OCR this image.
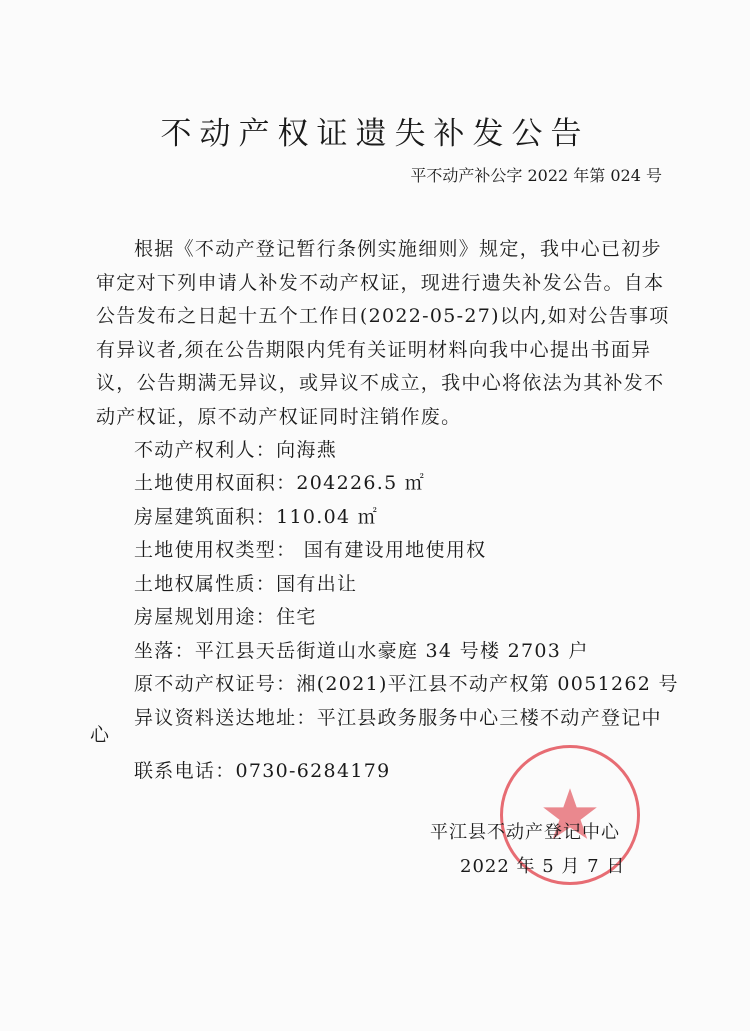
不动产权证遗失补发公告
平不动产补公字 2022 年第 024 号
根据《不动产登记暂行条例实施细则》规定，我中心已初步
审定对下列申请人补发不动产权证，现进行遗失补发公告。自本
公告发布之日起十五个工作日(2022-05-27)以内,如对公告事项
有异议者,须在公告期限内凭有关证明材料向我中心提出书面异
议，公告期满无异议，或异议不成立，我中心将依法为其补发不
动产权证，原不动产权证同时注销作废。
不动产权利人：向海燕
土地使用权面积：204226.5 ㎡
房屋建筑面积：110.04 ㎡
土地使用权类型： 国有建设用地使用权
土地权属性质：国有出让
房屋规划用途：住宅
坐落：平江县天岳街道山水豪庭 34 号楼 2703 户
原不动产权证号：湘(2021)平江县不动产权第 0051262 号
异议资料送达地址：平江县政务服务中心三楼不动产登记中
心
联系电话：0730-6284179
平江县不动产登记中心
2022 年 5 月 7 日
